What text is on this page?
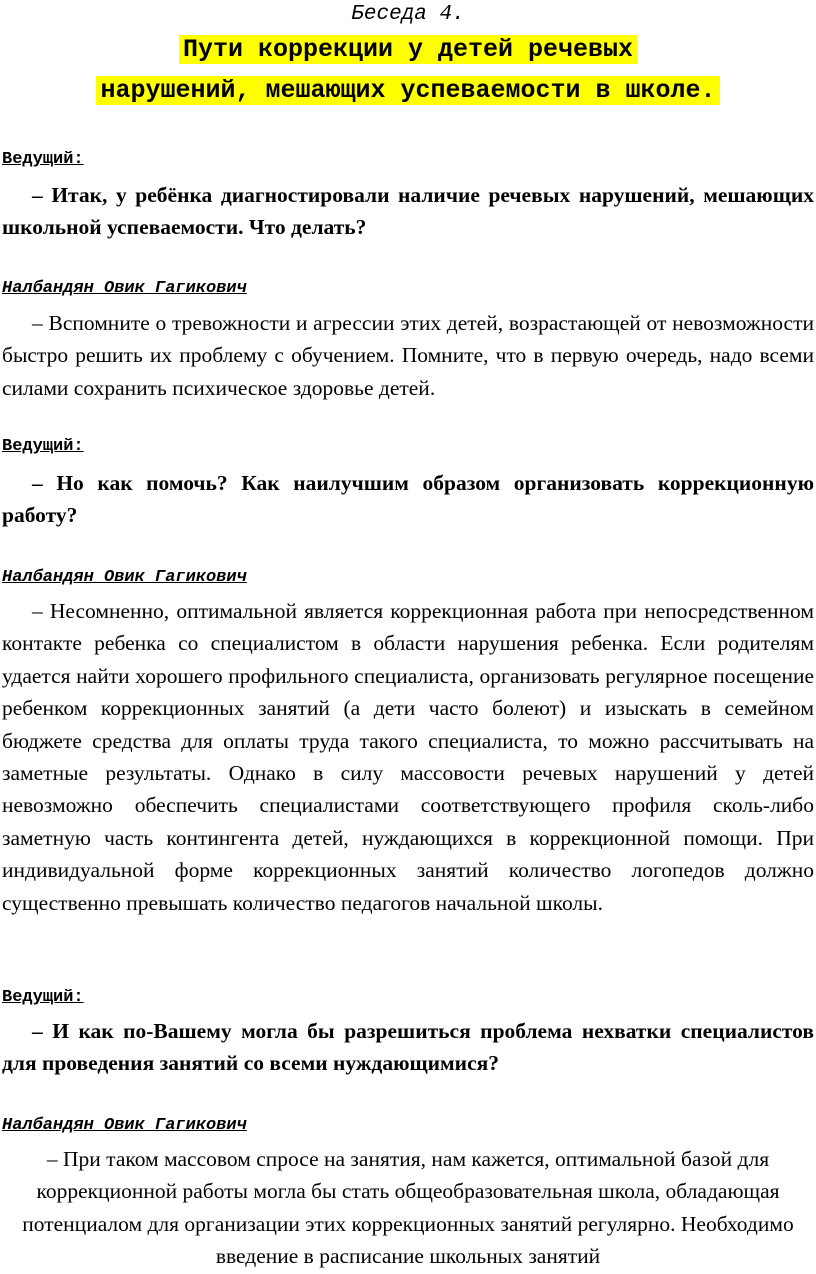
Беседа 4.
Пути коррекции у детей речевых
нарушений, мешающих успеваемости в школе.
Ведущий:

– Итак, у ребёнка диагностировали наличие речевых нарушений, мешающих школьной успеваемости. Что делать?

Налбандян Овик Гагикович

– Вспомните о тревожности и агрессии этих детей, возрастающей от невозможности быстро решить их проблему с обучением. Помните, что в первую очередь, надо всеми силами сохранить психическое здоровье детей.

Ведущий:

– Но как помочь? Как наилучшим образом организовать коррекционную работу?

Налбандян Овик Гагикович

– Несомненно, оптимальной является коррекционная работа при непосредственном контакте ребенка со специалистом в области нарушения ребенка. Если родителям удается найти хорошего профильного специалиста, организовать регулярное посещение ребенком коррекционных занятий (а дети часто болеют) и изыскать в семейном бюджете средства для оплаты труда такого специалиста, то можно рассчитывать на заметные результаты. Однако в силу массовости речевых нарушений у детей невозможно обеспечить специалистами соответствующего профиля сколь-либо заметную часть контингента детей, нуждающихся в коррекционной помощи. При индивидуальной форме коррекционных занятий количество логопедов должно существенно превышать количество педагогов начальной школы.

Ведущий:

– И как по-Вашему могла бы разрешиться проблема нехватки специалистов для проведения занятий со всеми нуждающимися?

Налбандян Овик Гагикович

– При таком массовом спросе на занятия, нам кажется, оптимальной базой для коррекционной работы могла бы стать общеобразовательная школа, обладающая потенциалом для организации этих коррекционных занятий регулярно. Необходимо введение в расписание школьных занятий
